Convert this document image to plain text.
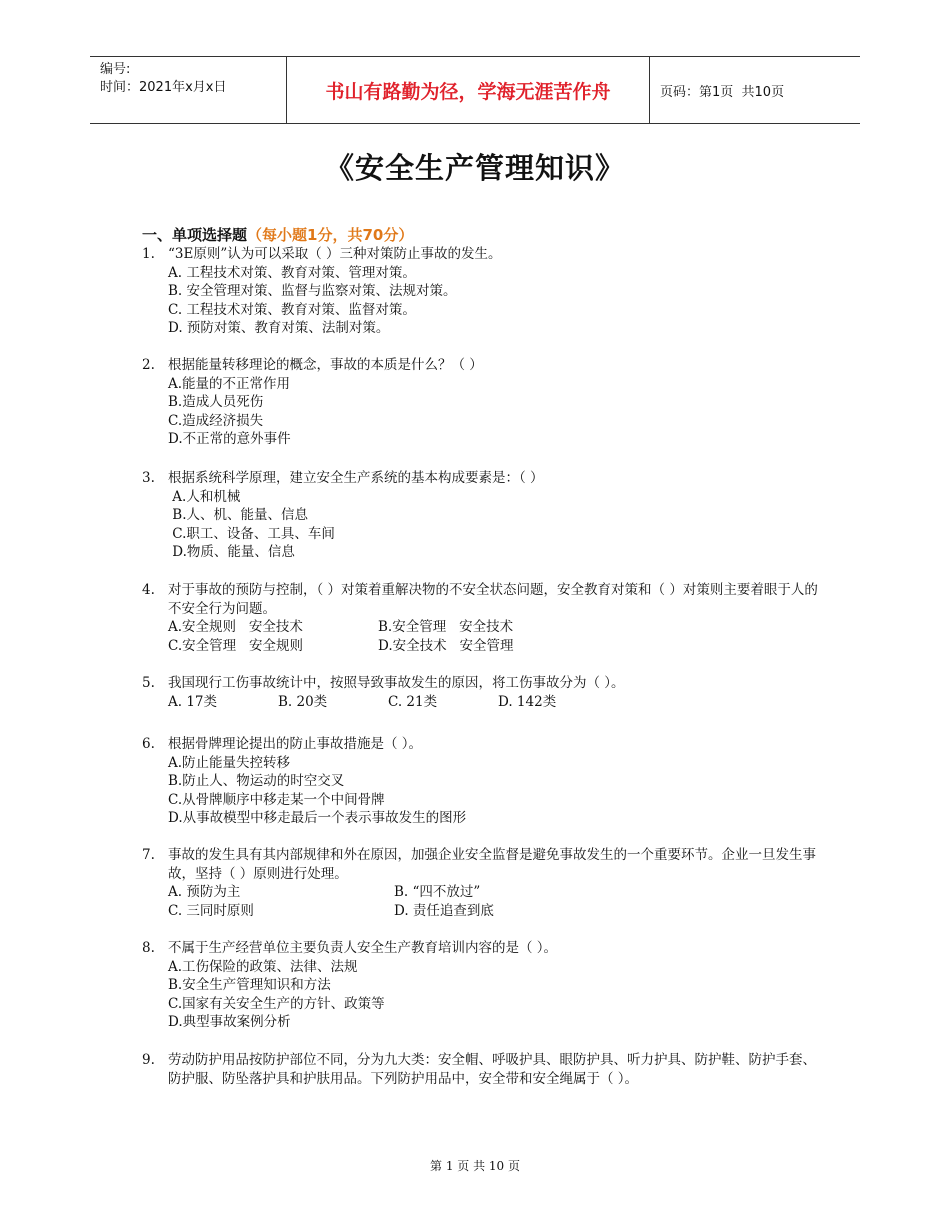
编号:
时间：2021年x月x日	书山有路勤为径，学海无涯苦作舟	页码：第1页  共10页
《安全生产管理知识》
一、单项选择题（每小题1分，共70分）
1. “3E原则”认为可以采取（ ）三种对策防止事故的发生。
A. 工程技术对策、教育对策、管理对策。
B. 安全管理对策、监督与监察对策、法规对策。
C. 工程技术对策、教育对策、监督对策。
D. 预防对策、教育对策、法制对策。
2. 根据能量转移理论的概念，事故的本质是什么？（ ）
A.能量的不正常作用
B.造成人员死伤
C.造成经济损失
D.不正常的意外事件
3. 根据系统科学原理，建立安全生产系统的基本构成要素是：（ ）
A.人和机械
B.人、机、能量、信息
C.职工、设备、工具、车间
D.物质、能量、信息
4. 对于事故的预防与控制，（ ）对策着重解决物的不安全状态问题，安全教育对策和（ ）对策则主要着眼于人的不安全行为问题。
A.安全规则   安全技术	B.安全管理   安全技术
C.安全管理   安全规则	D.安全技术   安全管理
5. 我国现行工伤事故统计中，按照导致事故发生的原因，将工伤事故分为（ ）。
A. 17类	B. 20类	C. 21类	D. 142类
6. 根据骨牌理论提出的防止事故措施是（ ）。
A.防止能量失控转移
B.防止人、物运动的时空交叉
C.从骨牌顺序中移走某一个中间骨牌
D.从事故模型中移走最后一个表示事故发生的图形
7. 事故的发生具有其内部规律和外在原因，加强企业安全监督是避免事故发生的一个重要环节。企业一旦发生事故，坚持（ ）原则进行处理。
A. 预防为主	B. “四不放过”
C. 三同时原则	D. 责任追查到底
8. 不属于生产经营单位主要负责人安全生产教育培训内容的是（ ）。
A.工伤保险的政策、法律、法规
B.安全生产管理知识和方法
C.国家有关安全生产的方针、政策等
D.典型事故案例分析
9. 劳动防护用品按防护部位不同，分为九大类：安全帽、呼吸护具、眼防护具、听力护具、防护鞋、防护手套、防护服、防坠落护具和护肤用品。下列防护用品中，安全带和安全绳属于（ ）。
第 1 页 共 10 页
